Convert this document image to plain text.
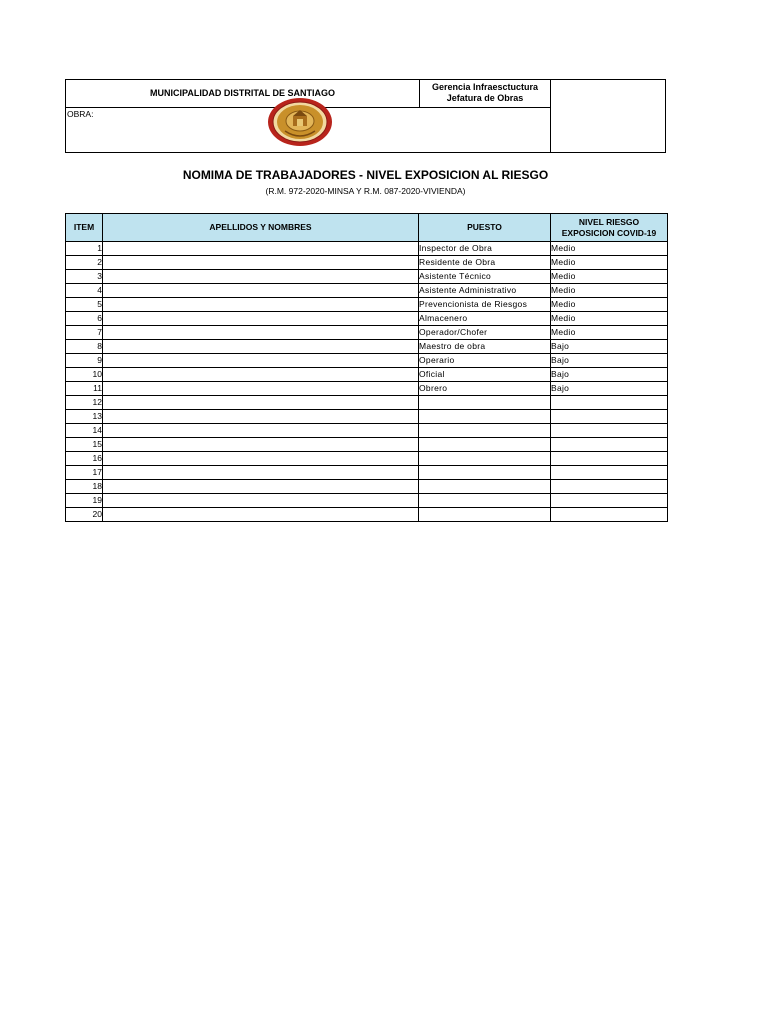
MUNICIPALIDAD DISTRITAL DE SANTIAGO
Gerencia Infraesctuctura
Jefatura de Obras
OBRA:
NOMIMA DE TRABAJADORES - NIVEL EXPOSICION AL RIESGO
(R.M. 972-2020-MINSA Y R.M. 087-2020-VIVIENDA)
ITEM	APELLIDOS Y NOMBRES	PUESTO	NIVEL RIESGO
EXPOSICION COVID-19

1		Inspector de Obra	Medio
2		Residente de Obra	Medio
3		Asistente Técnico	Medio
4		Asistente Administrativo	Medio
5		Prevencionista de Riesgos	Medio
6		Almacenero	Medio
7		Operador/Chofer	Medio
8		Maestro de obra	Bajo
9		Operario	Bajo
10		Oficial	Bajo
11		Obrero	Bajo
12			
13			
14			
15			
16			
17			
18			
19			
20			
